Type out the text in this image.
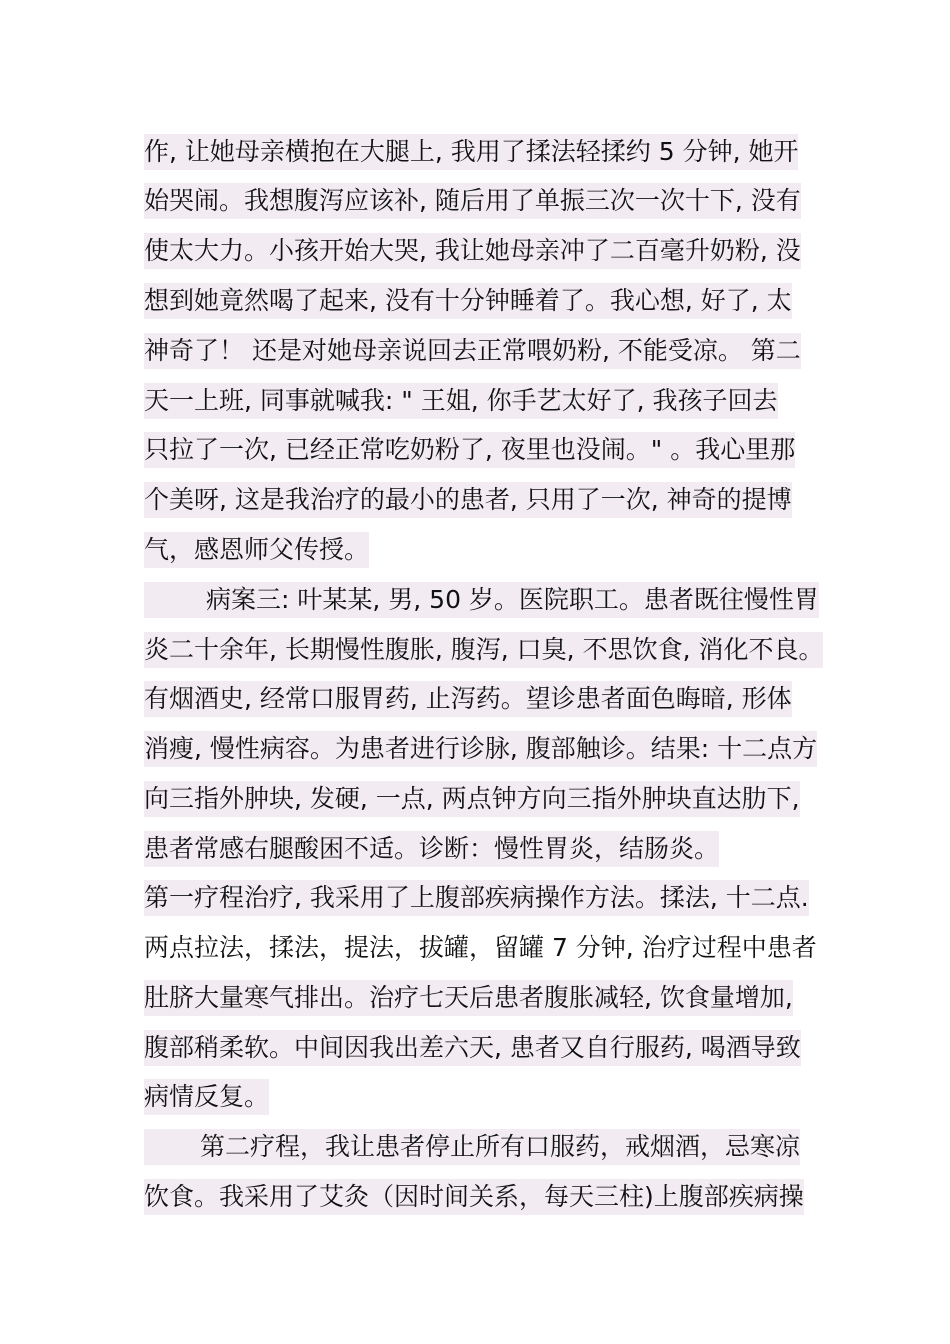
作, 让她母亲横抱在大腿上, 我用了揉法轻揉约 5 分钟, 她开
始哭闹。我想腹泻应该补, 随后用了单振三次一次十下, 没有
使太大力。小孩开始大哭, 我让她母亲冲了二百毫升奶粉, 没
想到她竟然喝了起来, 没有十分钟睡着了。我心想, 好了, 太
神奇了！ 还是对她母亲说回去正常喂奶粉, 不能受凉。 第二
天一上班, 同事就喊我: " 王姐, 你手艺太好了, 我孩子回去
只拉了一次, 已经正常吃奶粉了, 夜里也没闹。" 。我心里那
个美呀, 这是我治疗的最小的患者, 只用了一次, 神奇的提博
气，感恩师父传授。
病案三: 叶某某, 男, 50 岁。医院职工。患者既往慢性胃
炎二十余年, 长期慢性腹胀, 腹泻, 口臭, 不思饮食, 消化不良。
有烟酒史, 经常口服胃药, 止泻药。望诊患者面色晦暗, 形体
消瘦, 慢性病容。为患者进行诊脉, 腹部触诊。结果: 十二点方
向三指外肿块, 发硬, 一点, 两点钟方向三指外肿块直达肋下,
患者常感右腿酸困不适。诊断：慢性胃炎，结肠炎。
第一疗程治疗, 我采用了上腹部疾病操作方法。揉法, 十二点.
两点拉法，揉法，提法，拔罐，留罐 7 分钟, 治疗过程中患者
肚脐大量寒气排出。治疗七天后患者腹胀减轻, 饮食量增加,
腹部稍柔软。中间因我出差六天, 患者又自行服药, 喝酒导致
病情反复。
第二疗程，我让患者停止所有口服药，戒烟酒，忌寒凉
饮食。我采用了艾灸（因时间关系，每天三柱)上腹部疾病操
